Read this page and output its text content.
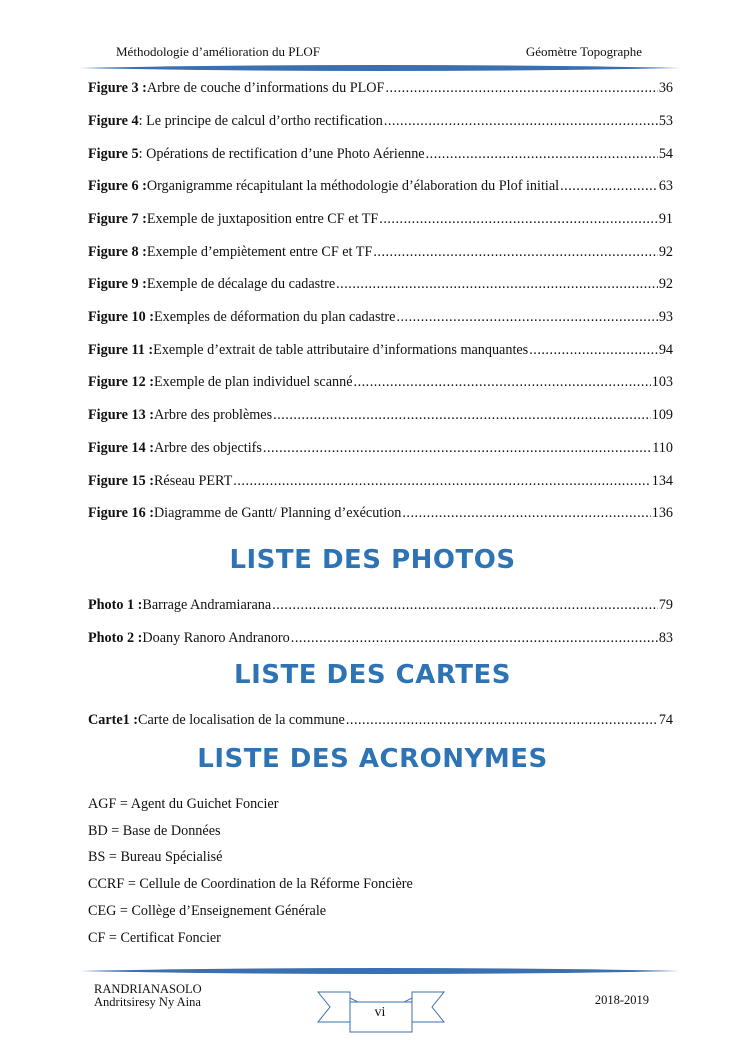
Méthodologie d’amélioration du PLOF	Géomètre Topographe
Figure 3 : Arbre de couche d’informations du PLOF .....	36
Figure 4 : Le principe de calcul d’ortho rectification .....	53
Figure 5 : Opérations de rectification d’une Photo Aérienne .....	54
Figure 6 : Organigramme récapitulant la méthodologie d’élaboration du Plof initial .....	63
Figure 7 : Exemple de juxtaposition entre CF et TF .....	91
Figure 8 : Exemple d’empiètement entre CF et TF .....	92
Figure 9 : Exemple de décalage du cadastre .....	92
Figure 10 : Exemples de déformation du plan cadastre .....	93
Figure 11 : Exemple d’extrait de table attributaire d’informations manquantes .....	94
Figure 12 : Exemple de plan individuel scanné .....	103
Figure 13 : Arbre des problèmes .....	109
Figure 14 : Arbre des objectifs .....	110
Figure 15 : Réseau PERT .....	134
Figure 16 : Diagramme de Gantt/ Planning d’exécution .....	136
LISTE DES PHOTOS
Photo 1 : Barrage Andramiarana .....	79
Photo 2 : Doany Ranoro Andranoro .....	83
LISTE DES CARTES
Carte1 : Carte de localisation de la commune .....	74
LISTE DES ACRONYMES
AGF = Agent du Guichet Foncier
BD = Base de Données
BS = Bureau Spécialisé
CCRF = Cellule de Coordination de la Réforme Foncière
CEG = Collège d’Enseignement Générale
CF = Certificat Foncier
RANDRIANASOLO
Andritsiresy Ny Aina
vi
2018-2019
